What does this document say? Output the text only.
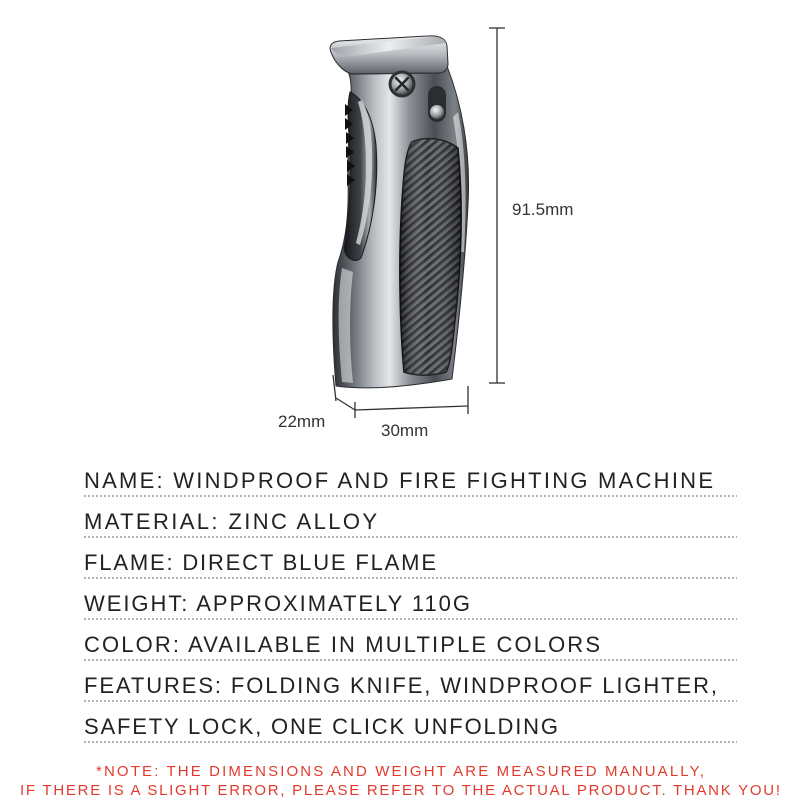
91.5mm
22mm	30mm
NAME: WINDPROOF AND FIRE FIGHTING MACHINE
MATERIAL: ZINC ALLOY
FLAME: DIRECT BLUE FLAME
WEIGHT: APPROXIMATELY 110G
COLOR: AVAILABLE IN MULTIPLE COLORS
FEATURES: FOLDING KNIFE, WINDPROOF LIGHTER,
SAFETY LOCK, ONE CLICK UNFOLDING
*NOTE: THE DIMENSIONS AND WEIGHT ARE MEASURED MANUALLY,
IF THERE IS A SLIGHT ERROR, PLEASE REFER TO THE ACTUAL PRODUCT. THANK YOU!
